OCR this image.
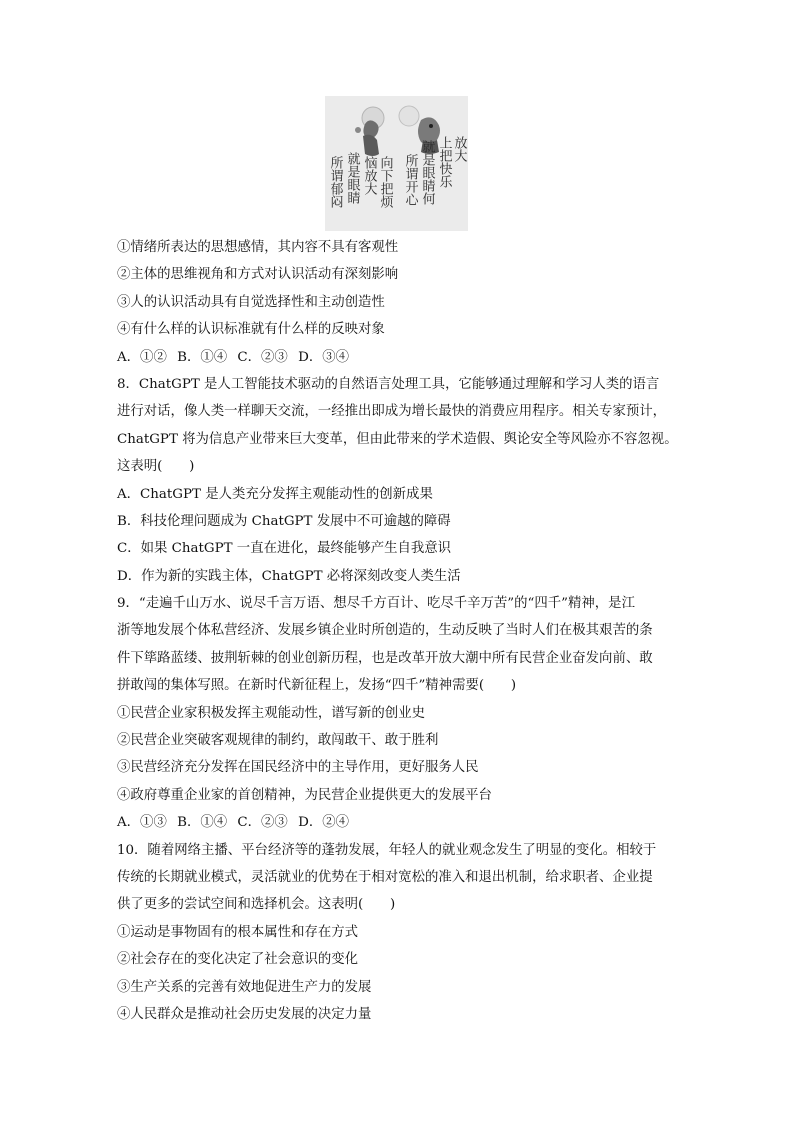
所谓郁闷 就是眼睛 恼放大 向下把烦 所谓开心 就是眼睛何 上把快乐 放大
①情绪所表达的思想感情，其内容不具有客观性
②主体的思维视角和方式对认识活动有深刻影响
③人的认识活动具有自觉选择性和主动创造性
④有什么样的认识标准就有什么样的反映对象
A．①② B．①④ C．②③ D．③④
8．ChatGPT 是人工智能技术驱动的自然语言处理工具，它能够通过理解和学习人类的语言
进行对话，像人类一样聊天交流，一经推出即成为增长最快的消费应用程序。相关专家预计，
ChatGPT 将为信息产业带来巨大变革，但由此带来的学术造假、舆论安全等风险亦不容忽视。
这表明(　　)
A．ChatGPT 是人类充分发挥主观能动性的创新成果
B．科技伦理问题成为 ChatGPT 发展中不可逾越的障碍
C．如果 ChatGPT 一直在进化，最终能够产生自我意识
D．作为新的实践主体，ChatGPT 必将深刻改变人类生活
9．“走遍千山万水、说尽千言万语、想尽千方百计、吃尽千辛万苦”的“四千”精神，是江
浙等地发展个体私营经济、发展乡镇企业时所创造的，生动反映了当时人们在极其艰苦的条
件下筚路蓝缕、披荆斩棘的创业创新历程，也是改革开放大潮中所有民营企业奋发向前、敢
拼敢闯的集体写照。在新时代新征程上，发扬“四千”精神需要(　　)
①民营企业家积极发挥主观能动性，谱写新的创业史
②民营企业突破客观规律的制约，敢闯敢干、敢于胜利
③民营经济充分发挥在国民经济中的主导作用，更好服务人民
④政府尊重企业家的首创精神，为民营企业提供更大的发展平台
A．①③ B．①④ C．②③ D．②④
10．随着网络主播、平台经济等的蓬勃发展，年轻人的就业观念发生了明显的变化。相较于
传统的长期就业模式，灵活就业的优势在于相对宽松的准入和退出机制，给求职者、企业提
供了更多的尝试空间和选择机会。这表明(　　)
①运动是事物固有的根本属性和存在方式
②社会存在的变化决定了社会意识的变化
③生产关系的完善有效地促进生产力的发展
④人民群众是推动社会历史发展的决定力量
